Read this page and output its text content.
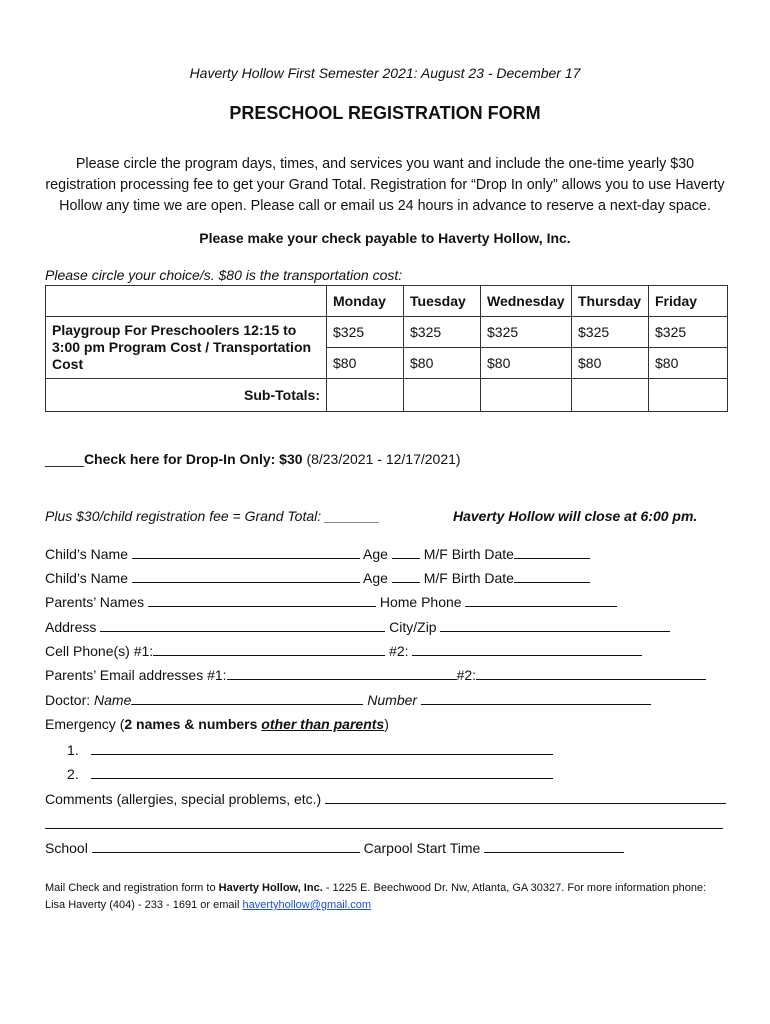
Haverty Hollow First Semester 2021: August 23 - December 17
PRESCHOOL REGISTRATION FORM
Please circle the program days, times, and services you want and include the one-time yearly $30 registration processing fee to get your Grand Total. Registration for “Drop In only” allows you to use Haverty Hollow any time we are open. Please call or email us 24 hours in advance to reserve a next-day space.
Please make your check payable to Haverty Hollow, Inc.
Please circle your choice/s. $80 is the transportation cost:
	Monday	Tuesday	Wednesday	Thursday	Friday
Playgroup For Preschoolers 12:15 to 3:00 pm Program Cost / Transportation Cost	$325	$325	$325	$325	$325
	$80	$80	$80	$80	$80
Sub-Totals:					
_____Check here for Drop-In Only: $30 (8/23/2021 - 12/17/2021)
Plus $30/child registration fee = Grand Total: _______	Haverty Hollow will close at 6:00 pm.
Child’s Name	Age	M/F Birth Date
Child’s Name	Age	M/F Birth Date
Parents’ Names	Home Phone
Address	City/Zip
Cell Phone(s) #1:	#2:
Parents’ Email addresses #1:	#2:
Doctor: Name	Number
Emergency (2 names & numbers other than parents)
1.
2.
Comments (allergies, special problems, etc.)
School	Carpool Start Time
Mail Check and registration form to Haverty Hollow, Inc. - 1225 E. Beechwood Dr. Nw, Atlanta, GA 30327. For more information phone: Lisa Haverty (404) - 233 - 1691 or email havertyhollow@gmail.com
